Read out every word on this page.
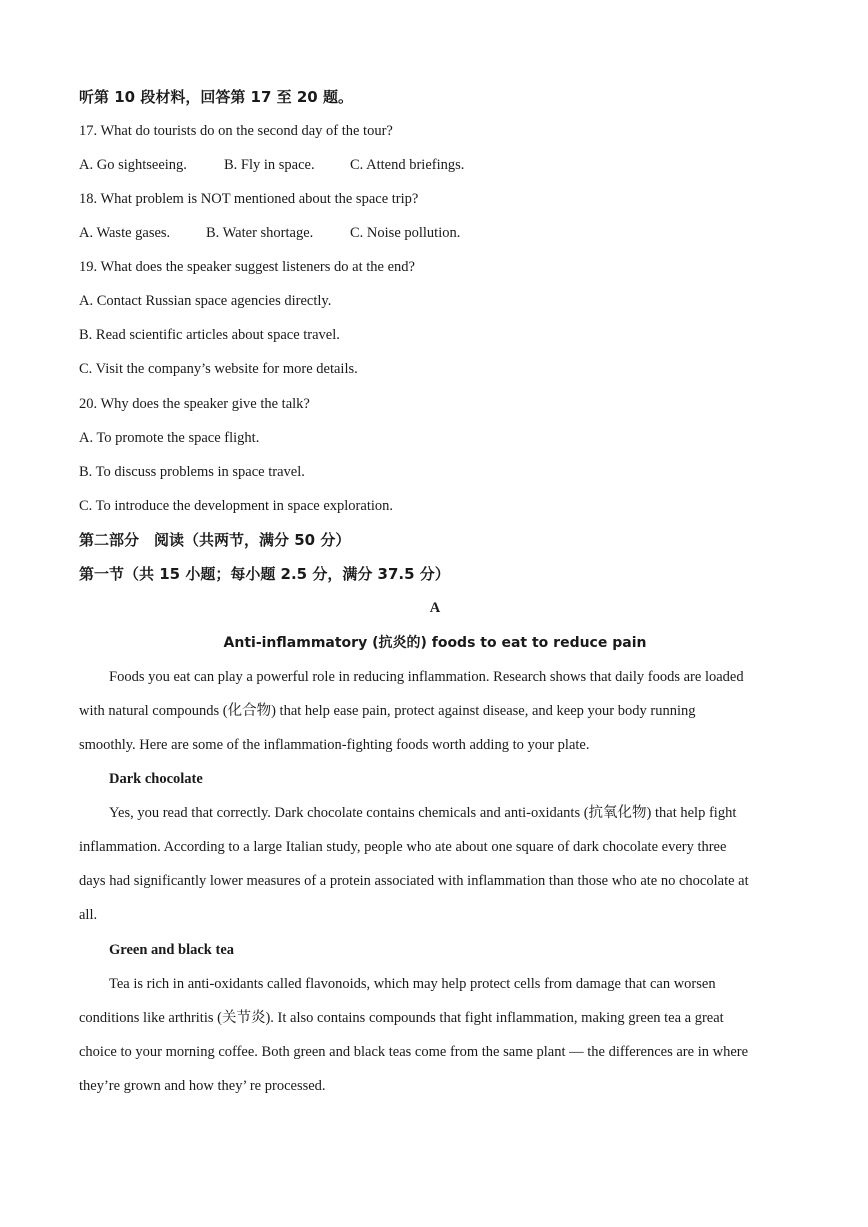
听第 10 段材料，回答第 17 至 20 题。
17. What do tourists do on the second day of the tour?
A. Go sightseeing.	B. Fly in space. C. Attend briefings.
18. What problem is NOT mentioned about the space trip?
A. Waste gases. B. Water shortage.	C. Noise pollution.
19. What does the speaker suggest listeners do at the end?
A. Contact Russian space agencies directly.
B. Read scientific articles about space travel.
C. Visit the company’s website for more details.
20. Why does the speaker give the talk?
A. To promote the space flight.
B. To discuss problems in space travel.
C. To introduce the development in space exploration.
第二部分　阅读（共两节，满分 50 分）
第一节（共 15 小题；每小题 2.5 分，满分 37.5 分）
A
Anti-inflammatory (抗炎的) foods to eat to reduce pain
Foods you eat can play a powerful role in reducing inflammation. Research shows that daily foods are loaded
with natural compounds (化合物) that help ease pain, protect against disease, and keep your body running
smoothly. Here are some of the inflammation-fighting foods worth adding to your plate.
Dark chocolate
Yes, you read that correctly. Dark chocolate contains chemicals and anti-oxidants (抗氧化物) that help fight
inflammation. According to a large Italian study, people who ate about one square of dark chocolate every three
days had significantly lower measures of a protein associated with inflammation than those who ate no chocolate at
all.
Green and black tea
Tea is rich in anti-oxidants called flavonoids, which may help protect cells from damage that can worsen
conditions like arthritis (关节炎). It also contains compounds that fight inflammation, making green tea a great
choice to your morning coffee. Both green and black teas come from the same plant — the differences are in where
they’re grown and how they’ re processed.
